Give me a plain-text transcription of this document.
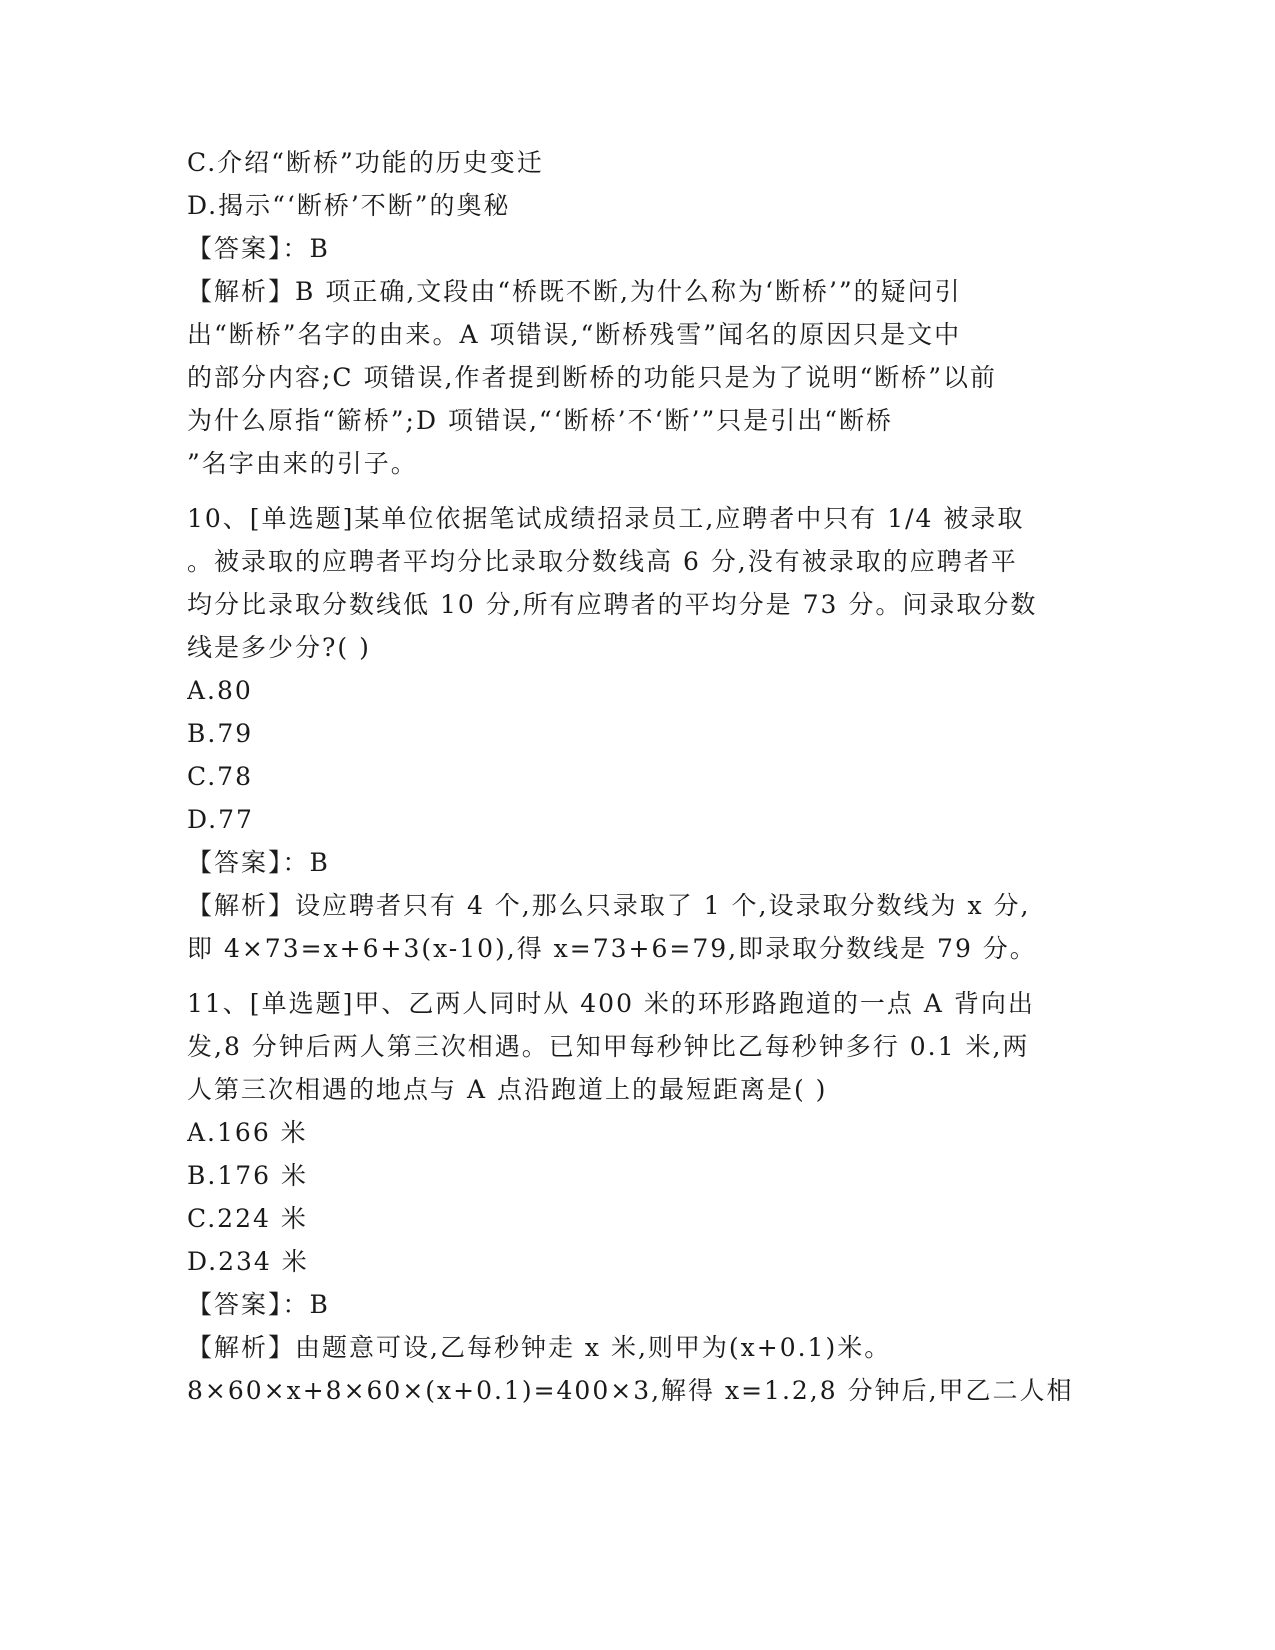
C.介绍“断桥”功能的历史变迁
D.揭示“‘断桥’不断”的奥秘
【答案】：B
【解析】B 项正确,文段由“桥既不断,为什么称为‘断桥’”的疑问引
出“断桥”名字的由来。A 项错误,“断桥残雪”闻名的原因只是文中
的部分内容;C 项错误,作者提到断桥的功能只是为了说明“断桥”以前
为什么原指“簖桥”;D 项错误,“‘断桥’不‘断’”只是引出“断桥
”名字由来的引子。
10、[单选题]某单位依据笔试成绩招录员工,应聘者中只有 1/4 被录取
。被录取的应聘者平均分比录取分数线高 6 分,没有被录取的应聘者平
均分比录取分数线低 10 分,所有应聘者的平均分是 73 分。问录取分数
线是多少分?( )
A.80
B.79
C.78
D.77
【答案】：B
【解析】设应聘者只有 4 个,那么只录取了 1 个,设录取分数线为 x 分,
即 4×73=x+6+3(x-10),得 x=73+6=79,即录取分数线是 79 分。
11、[单选题]甲、乙两人同时从 400 米的环形路跑道的一点 A 背向出
发,8 分钟后两人第三次相遇。已知甲每秒钟比乙每秒钟多行 0.1 米,两
人第三次相遇的地点与 A 点沿跑道上的最短距离是( )
A.166 米
B.176 米
C.224 米
D.234 米
【答案】：B
【解析】由题意可设,乙每秒钟走 x 米,则甲为(x+0.1)米。
8×60×x+8×60×(x+0.1)=400×3,解得 x=1.2,8 分钟后,甲乙二人相
